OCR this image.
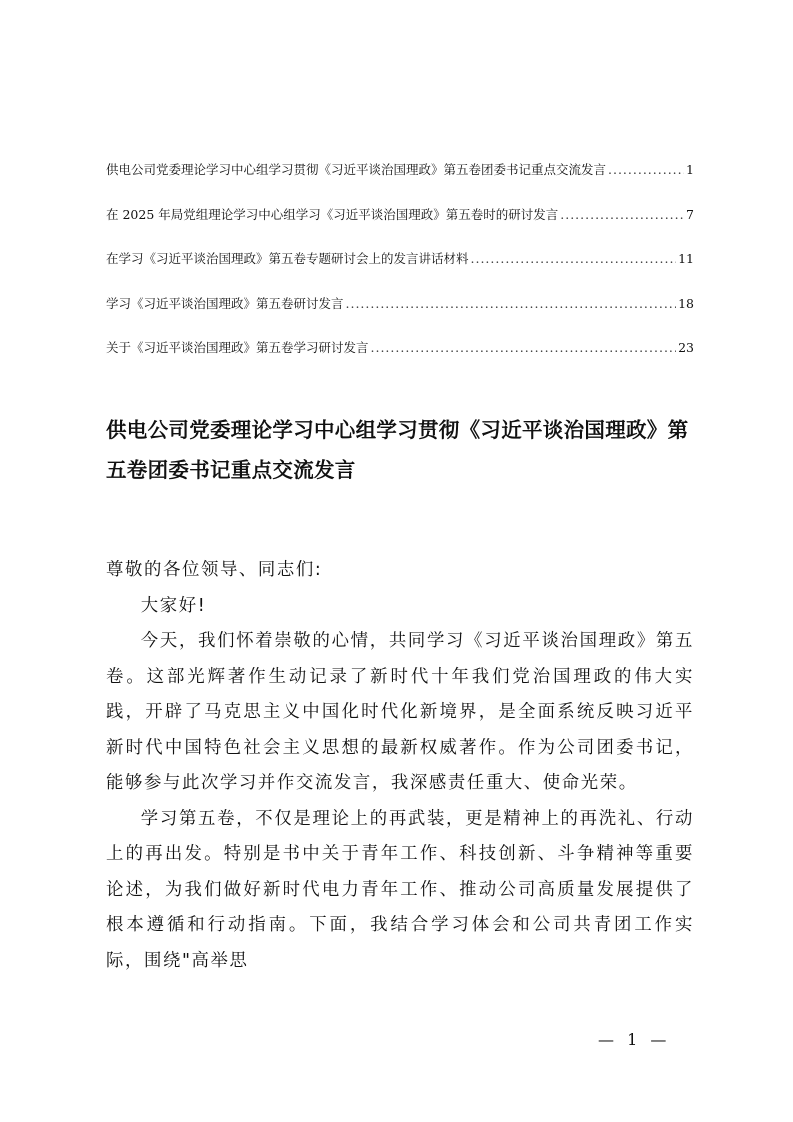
供电公司党委理论学习中心组学习贯彻《习近平谈治国理政》第五卷团委书记重点交流发言 .....	1
在 2025 年局党组理论学习中心组学习《习近平谈治国理政》第五卷时的研讨发言 .....	7
在学习《习近平谈治国理政》第五卷专题研讨会上的发言讲话材料 .....	11
学习《习近平谈治国理政》第五卷研讨发言 .....	18
关于《习近平谈治国理政》第五卷学习研讨发言 .....	23
供电公司党委理论学习中心组学习贯彻《习近平谈治国理政》第
五卷团委书记重点交流发言

尊敬的各位领导、同志们:

大家好!

今天，我们怀着崇敬的心情，共同学习《习近平谈治国理政》第五卷。这部光辉著作生动记录了新时代十年我们党治国理政的伟大实践，开辟了马克思主义中国化时代化新境界，是全面系统反映习近平新时代中国特色社会主义思想的最新权威著作。作为公司团委书记，能够参与此次学习并作交流发言，我深感责任重大、使命光荣。

学习第五卷，不仅是理论上的再武装，更是精神上的再洗礼、行动上的再出发。特别是书中关于青年工作、科技创新、斗争精神等重要论述，为我们做好新时代电力青年工作、推动公司高质量发展提供了根本遵循和行动指南。下面，我结合学习体会和公司共青团工作实际，围绕"高举思

— 1 —
